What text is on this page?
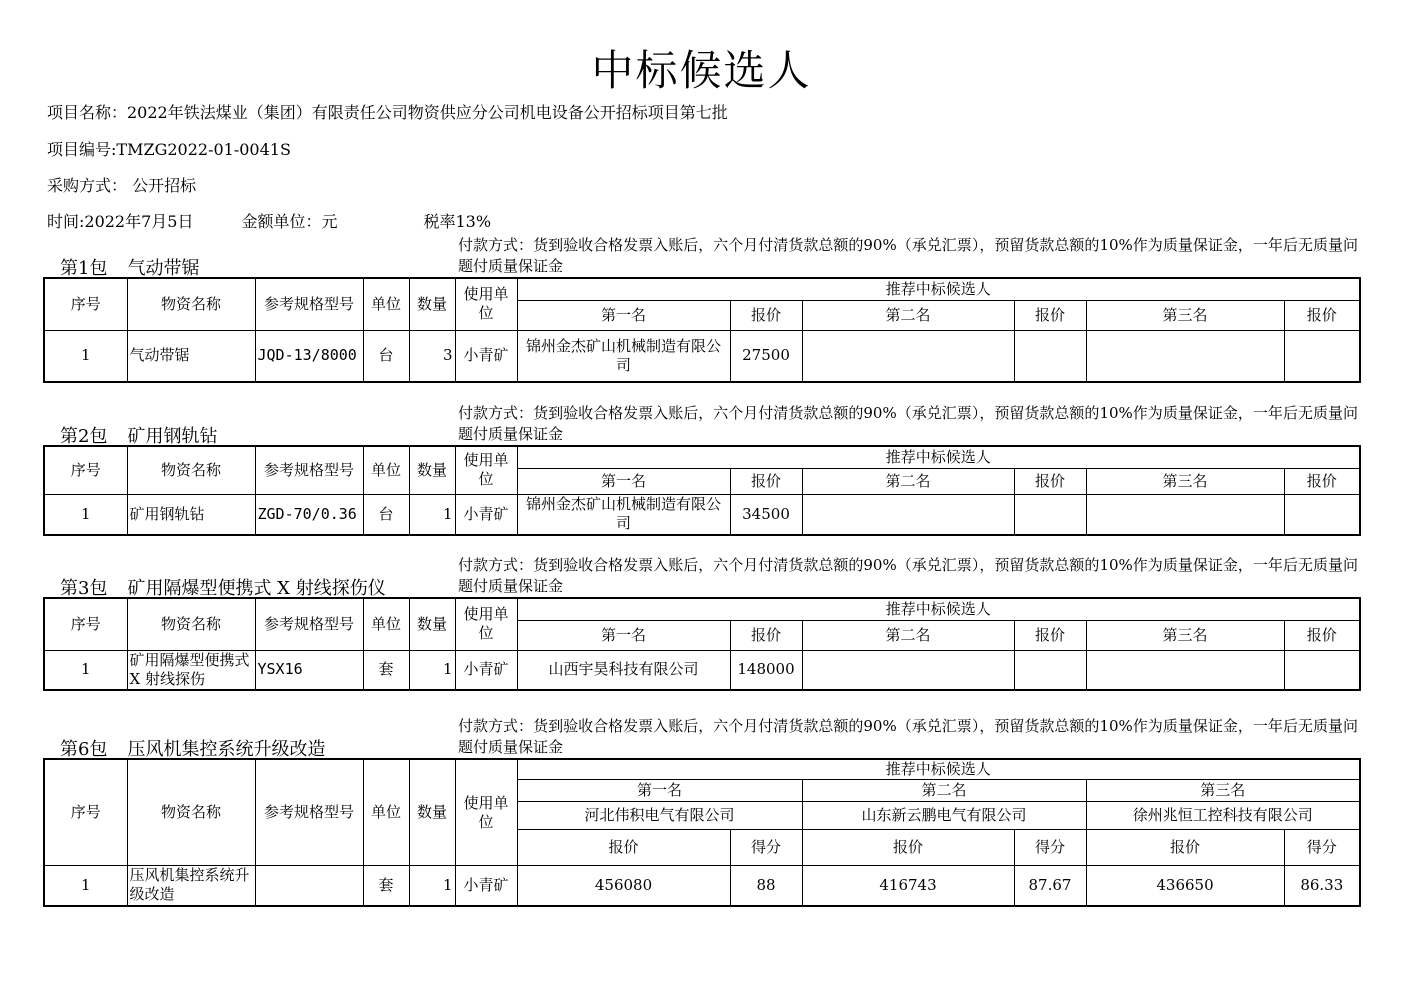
中标候选人
项目名称：2022年铁法煤业（集团）有限责任公司物资供应分公司机电设备公开招标项目第七批
项目编号:TMZG2022-01-0041S
采购方式： 公开招标
时间:2022年7月5日	金额单位：元	税率13%
第1包 气动带锯
付款方式：货到验收合格发票入账后，六个月付清货款总额的90%（承兑汇票），预留货款总额的10%作为质量保证金，一年后无质量问题付质量保证金
序号	物资名称	参考规格型号	单位	数量	使用单位	推荐中标候选人					
						第一名	报价	第二名	报价	第三名	报价
1	气动带锯	JQD-13/8000	台	3	小青矿	锦州金杰矿山机械制造有限公司	27500				
第2包 矿用钢轨钻
付款方式：货到验收合格发票入账后，六个月付清货款总额的90%（承兑汇票），预留货款总额的10%作为质量保证金，一年后无质量问题付质量保证金
序号	物资名称	参考规格型号	单位	数量	使用单位	推荐中标候选人					
						第一名	报价	第二名	报价	第三名	报价
1	矿用钢轨钻	ZGD-70/0.36	台	1	小青矿	锦州金杰矿山机械制造有限公司	34500				
第3包 矿用隔爆型便携式 X 射线探伤仪
付款方式：货到验收合格发票入账后，六个月付清货款总额的90%（承兑汇票），预留货款总额的10%作为质量保证金，一年后无质量问题付质量保证金
序号	物资名称	参考规格型号	单位	数量	使用单位	推荐中标候选人					
						第一名	报价	第二名	报价	第三名	报价
1	矿用隔爆型便携式 X 射线探伤	YSX16	套	1	小青矿	山西宇昊科技有限公司	148000				
第6包 压风机集控系统升级改造
付款方式：货到验收合格发票入账后，六个月付清货款总额的90%（承兑汇票），预留货款总额的10%作为质量保证金，一年后无质量问题付质量保证金
序号	物资名称	参考规格型号	单位	数量	使用单位	推荐中标候选人					
						第一名		第二名		第三名	
						河北伟积电气有限公司		山东新云鹏电气有限公司		徐州兆恒工控科技有限公司	
						报价	得分	报价	得分	报价	得分
1	压风机集控系统升级改造		套	1	小青矿	456080	88	416743	87.67	436650	86.33
